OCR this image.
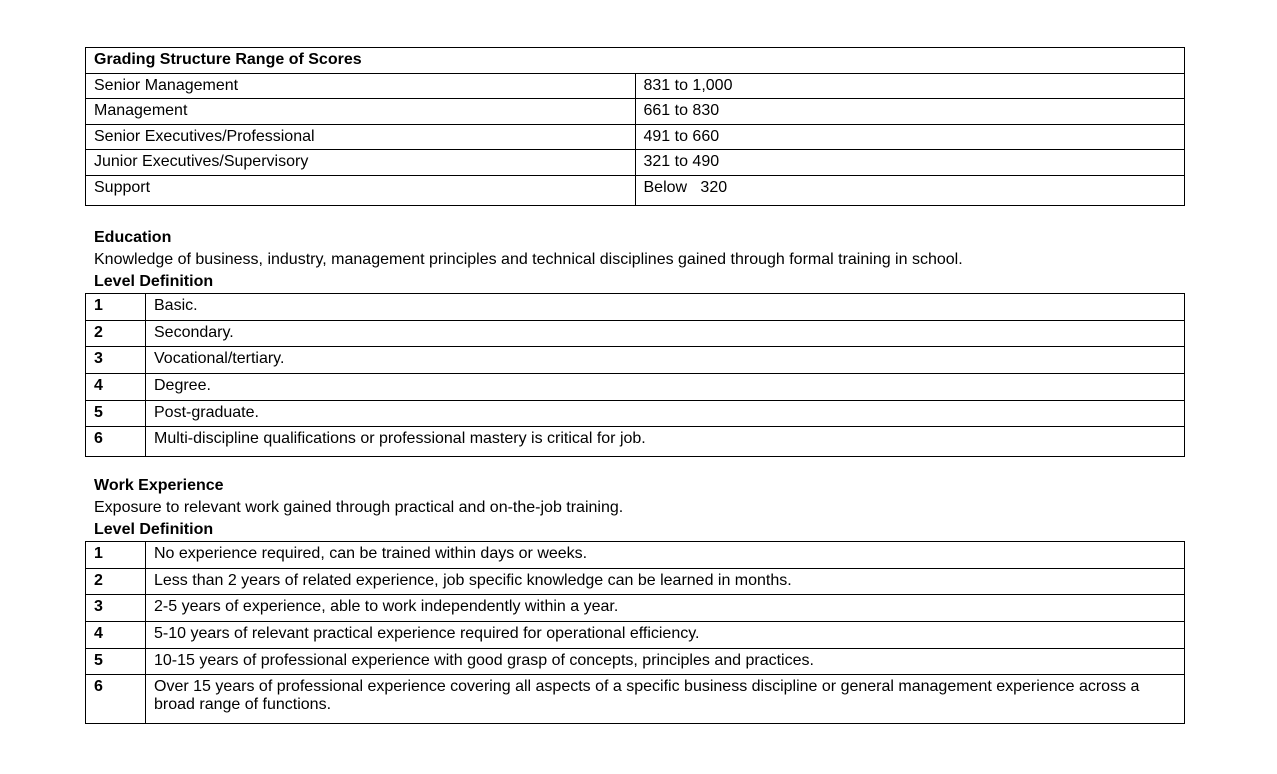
Grading Structure Range of Scores	
Senior Management	831 to 1,000
Management	661 to 830
Senior Executives/Professional	491 to 660
Junior Executives/Supervisory	321 to 490
Support	Below   320
Education
Knowledge of business, industry, management principles and technical disciplines gained through formal training in school.
Level Definition
1	Basic.
2	Secondary.
3	Vocational/tertiary.
4	Degree.
5	Post-graduate.
6	Multi-discipline qualifications or professional mastery is critical for job.
Work Experience
Exposure to relevant work gained through practical and on-the-job training.
Level Definition
1	No experience required, can be trained within days or weeks.
2	Less than 2 years of related experience, job specific knowledge can be learned in months.
3	2-5 years of experience, able to work independently within a year.
4	5-10 years of relevant practical experience required for operational efficiency.
5	10-15 years of professional experience with good grasp of concepts, principles and practices.
6	Over 15 years of professional experience covering all aspects of a specific business discipline or general management experience across a broad range of functions.
